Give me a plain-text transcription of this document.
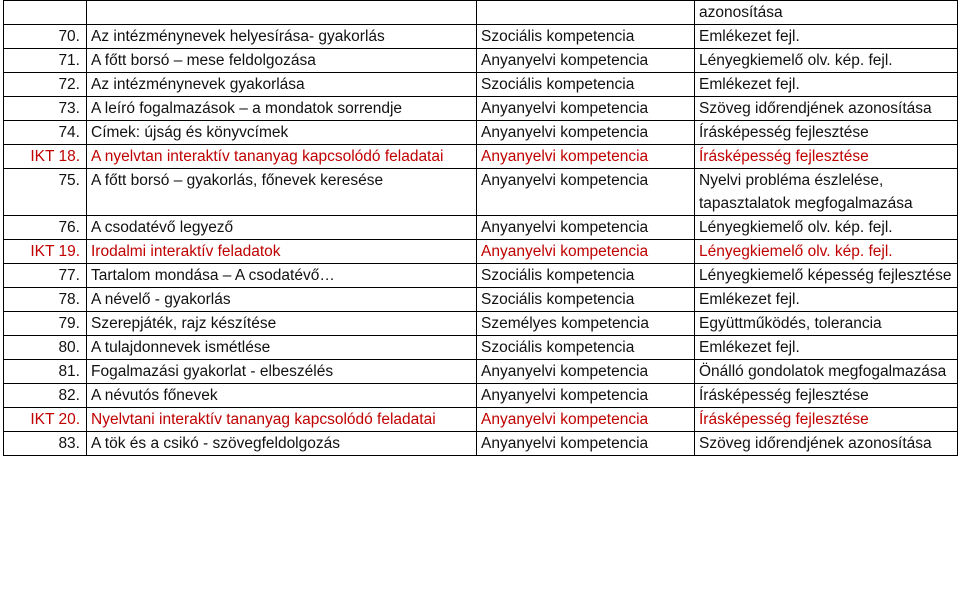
			azonosítása
70.	Az intézménynevek helyesírása- gyakorlás	Szociális kompetencia	Emlékezet fejl.
71.	A főtt borsó – mese feldolgozása	Anyanyelvi kompetencia	Lényegkiemelő olv. kép. fejl.
72.	Az intézménynevek gyakorlása	Szociális kompetencia	Emlékezet fejl.
73.	A leíró fogalmazások – a mondatok sorrendje	Anyanyelvi kompetencia	Szöveg időrendjének azonosítása
74.	Címek: újság és könyvcímek	Anyanyelvi kompetencia	Írásképesség fejlesztése
IKT 18.	A nyelvtan interaktív tananyag kapcsolódó feladatai	Anyanyelvi kompetencia	Írásképesség fejlesztése
75.	A főtt borsó – gyakorlás, főnevek keresése	Anyanyelvi kompetencia	Nyelvi probléma észlelése, tapasztalatok megfogalmazása
76.	A csodatévő legyező	Anyanyelvi kompetencia	Lényegkiemelő olv. kép. fejl.
IKT 19.	Irodalmi interaktív feladatok	Anyanyelvi kompetencia	Lényegkiemelő olv. kép. fejl.
77.	Tartalom mondása – A csodatévő…	Szociális kompetencia	Lényegkiemelő képesség fejlesztése
78.	A névelő - gyakorlás	Szociális kompetencia	Emlékezet fejl.
79.	Szerepjáték, rajz készítése	Személyes kompetencia	Együttműködés, tolerancia
80.	A tulajdonnevek ismétlése	Szociális kompetencia	Emlékezet fejl.
81.	Fogalmazási gyakorlat - elbeszélés	Anyanyelvi kompetencia	Önálló gondolatok megfogalmazása
82.	A névutós főnevek	Anyanyelvi kompetencia	Írásképesség fejlesztése
IKT 20.	Nyelvtani interaktív tananyag kapcsolódó feladatai	Anyanyelvi kompetencia	Írásképesség fejlesztése
83.	A tök és a csikó - szövegfeldolgozás	Anyanyelvi kompetencia	Szöveg időrendjének azonosítása
